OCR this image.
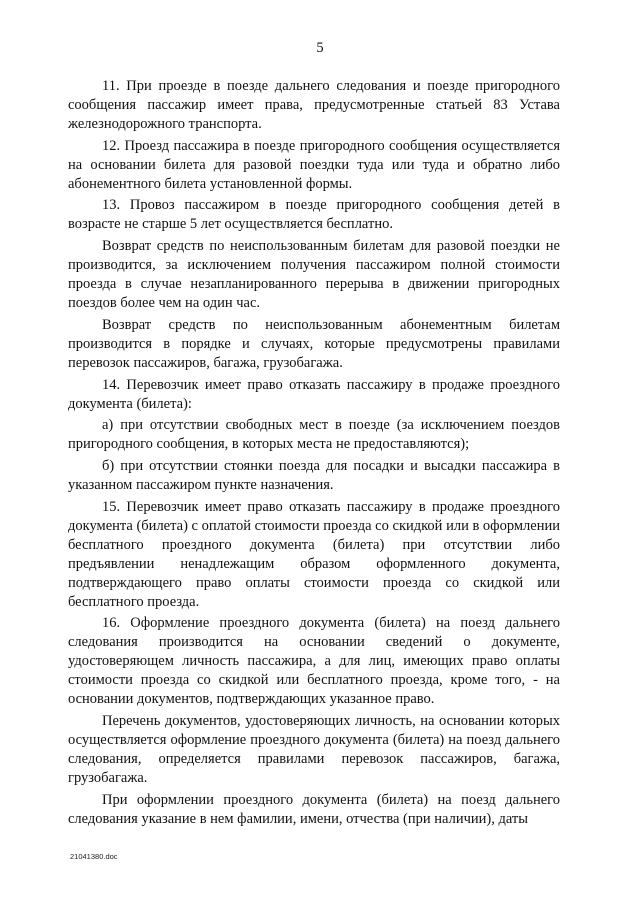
5

11. При проезде в поезде дальнего следования и поезде пригородного сообщения пассажир имеет права, предусмотренные статьей 83 Устава железнодорожного транспорта.

12. Проезд пассажира в поезде пригородного сообщения осуществляется на основании билета для разовой поездки туда или туда и обратно либо абонементного билета установленной формы.

13. Провоз пассажиром в поезде пригородного сообщения детей в возрасте не старше 5 лет осуществляется бесплатно.

Возврат средств по неиспользованным билетам для разовой поездки не производится, за исключением получения пассажиром полной стоимости проезда в случае незапланированного перерыва в движении пригородных поездов более чем на один час.

Возврат средств по неиспользованным абонементным билетам производится в порядке и случаях, которые предусмотрены правилами перевозок пассажиров, багажа, грузобагажа.

14. Перевозчик имеет право отказать пассажиру в продаже проездного документа (билета):

а) при отсутствии свободных мест в поезде (за исключением поездов пригородного сообщения, в которых места не предоставляются);

б) при отсутствии стоянки поезда для посадки и высадки пассажира в указанном пассажиром пункте назначения.

15. Перевозчик имеет право отказать пассажиру в продаже проездного документа (билета) с оплатой стоимости проезда со скидкой или в оформлении бесплатного проездного документа (билета) при отсутствии либо предъявлении ненадлежащим образом оформленного документа, подтверждающего право оплаты стоимости проезда со скидкой или бесплатного проезда.

16. Оформление проездного документа (билета) на поезд дальнего следования производится на основании сведений о документе, удостоверяющем личность пассажира, а для лиц, имеющих право оплаты стоимости проезда со скидкой или бесплатного проезда, кроме того, - на основании документов, подтверждающих указанное право.

Перечень документов, удостоверяющих личность, на основании которых осуществляется оформление проездного документа (билета) на поезд дальнего следования, определяется правилами перевозок пассажиров, багажа, грузобагажа.

При оформлении проездного документа (билета) на поезд дальнего следования указание в нем фамилии, имени, отчества (при наличии), даты

21041380.doc
